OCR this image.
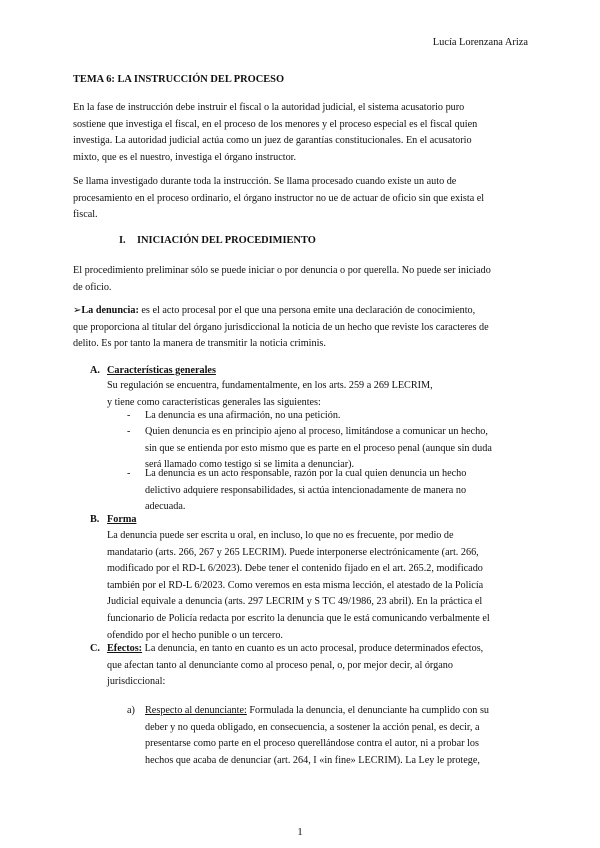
Lucía Lorenzana Ariza
TEMA 6: LA INSTRUCCIÓN DEL PROCESO
En la fase de instrucción debe instruir el fiscal o la autoridad judicial, el sistema acusatorio puro
sostiene que investiga el fiscal, en el proceso de los menores y el proceso especial es el fiscal quien
investiga. La autoridad judicial actúa como un juez de garantías constitucionales. En el acusatorio
mixto, que es el nuestro, investiga el órgano instructor.
Se llama investigado durante toda la instrucción. Se llama procesado cuando existe un auto de
procesamiento en el proceso ordinario, el órgano instructor no ue de actuar de oficio sin que exista el
fiscal.
I. INICIACIÓN DEL PROCEDIMIENTO
El procedimiento preliminar sólo se puede iniciar o por denuncia o por querella. No puede ser iniciado
de oficio.
➢La denuncia: es el acto procesal por el que una persona emite una declaración de conocimiento,
que proporciona al titular del órgano jurisdiccional la noticia de un hecho que reviste los caracteres de
delito. Es por tanto la manera de transmitir la noticia criminis.
A. Características generales
Su regulación se encuentra, fundamentalmente, en los arts. 259 a 269 LECRIM,
y tiene como características generales las siguientes:
- La denuncia es una afirmación, no una petición.
- Quien denuncia es en principio ajeno al proceso, limitándose a comunicar un hecho,
sin que se entienda por esto mismo que es parte en el proceso penal (aunque sin duda
será llamado como testigo si se limita a denunciar).
- La denuncia es un acto responsable, razón por la cual quien denuncia un hecho
delictivo adquiere responsabilidades, si actúa intencionadamente de manera no
adecuada.
B. Forma
La denuncia puede ser escrita u oral, en incluso, lo que no es frecuente, por medio de
mandatario (arts. 266, 267 y 265 LECRIM). Puede interponerse electrónicamente (art. 266,
modificado por el RD-L 6/2023). Debe tener el contenido fijado en el art. 265.2, modificado
también por el RD-L 6/2023. Como veremos en esta misma lección, el atestado de la Policía
Judicial equivale a denuncia (arts. 297 LECRIM y S TC 49/1986, 23 abril). En la práctica el
funcionario de Policía redacta por escrito la denuncia que le está comunicando verbalmente el
ofendido por el hecho punible o un tercero.
C. Efectos: La denuncia, en tanto en cuanto es un acto procesal, produce determinados efectos,
que afectan tanto al denunciante como al proceso penal, o, por mejor decir, al órgano
jurisdiccional:
a) Respecto al denunciante: Formulada la denuncia, el denunciante ha cumplido con su
deber y no queda obligado, en consecuencia, a sostener la acción penal, es decir, a
presentarse como parte en el proceso querellándose contra el autor, ni a probar los
hechos que acaba de denunciar (art. 264, I «in fine» LECRIM). La Ley le protege,
1
